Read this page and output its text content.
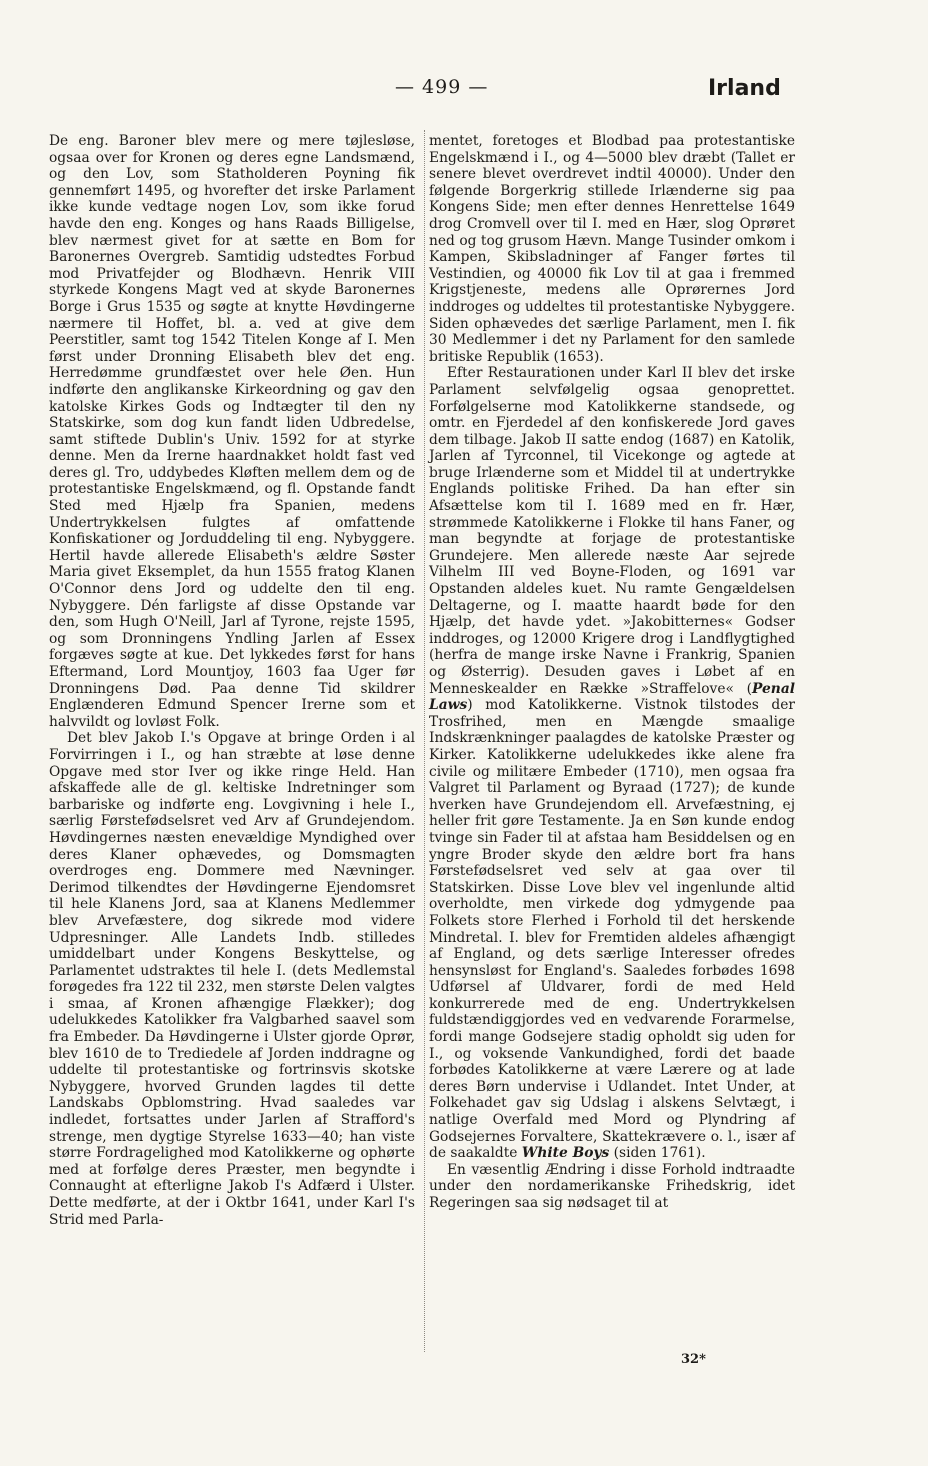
— 499 —	Irland

De eng. Baroner blev mere og mere tøjlesløse, ogsaa over for Kronen og deres egne Landsmænd, og den Lov, som Statholderen Poyning fik gennemført 1495, og hvorefter det irske Parlament ikke kunde vedtage nogen Lov, som ikke forud havde den eng. Konges og hans Raads Billigelse, blev nærmest givet for at sætte en Bom for Baronernes Overgreb. Samtidig udstedtes Forbud mod Privatfejder og Blodhævn. Henrik VIII styrkede Kongens Magt ved at skyde Baronernes Borge i Grus 1535 og søgte at knytte Høvdingerne nærmere til Hoffet, bl. a. ved at give dem Peerstitler, samt tog 1542 Titelen Konge af I. Men først under Dronning Elisabeth blev det eng. Herredømme grundfæstet over hele Øen. Hun indførte den anglikanske Kirkeordning og gav den katolske Kirkes Gods og Indtægter til den ny Statskirke, som dog kun fandt liden Udbredelse, samt stiftede Dublin's Univ. 1592 for at styrke denne. Men da Irerne haardnakket holdt fast ved deres gl. Tro, uddybedes Kløften mellem dem og de protestantiske Engelskmænd, og fl. Opstande fandt Sted med Hjælp fra Spanien, medens Undertrykkelsen fulgtes af omfattende Konfiskationer og Jorduddeling til eng. Nybyggere. Hertil havde allerede Elisabeth's ældre Søster Maria givet Eksemplet, da hun 1555 fratog Klanen O'Connor dens Jord og uddelte den til eng. Nybyggere. Dén farligste af disse Opstande var den, som Hugh O'Neill, Jarl af Tyrone, rejste 1595, og som Dronningens Yndling Jarlen af Essex forgæves søgte at kue. Det lykkedes først for hans Eftermand, Lord Mountjoy, 1603 faa Uger før Dronningens Død. Paa denne Tid skildrer Englænderen Edmund Spencer Irerne som et halvvildt og lovløst Folk.

Det blev Jakob I.'s Opgave at bringe Orden i al Forvirringen i I., og han stræbte at løse denne Opgave med stor Iver og ikke ringe Held. Han afskaffede alle de gl. keltiske Indretninger som barbariske og indførte eng. Lovgivning i hele I., særlig Førstefødselsret ved Arv af Grundejendom. Høvdingernes næsten enevældige Myndighed over deres Klaner ophævedes, og Domsmagten overdroges eng. Dommere med Nævninger. Derimod tilkendtes der Høvdingerne Ejendomsret til hele Klanens Jord, saa at Klanens Medlemmer blev Arvefæstere, dog sikrede mod videre Udpresninger. Alle Landets Indb. stilledes umiddelbart under Kongens Beskyttelse, og Parlamentet udstraktes til hele I. (dets Medlemstal forøgedes fra 122 til 232, men største Delen valgtes i smaa, af Kronen afhængige Flækker); dog udelukkedes Katolikker fra Valgbarhed saavel som fra Embeder. Da Høvdingerne i Ulster gjorde Oprør, blev 1610 de to Trediedele af Jorden inddragne og uddelte til protestantiske og fortrinsvis skotske Nybyggere, hvorved Grunden lagdes til dette Landskabs Opblomstring. Hvad saaledes var indledet, fortsattes under Jarlen af Strafford's strenge, men dygtige Styrelse 1633—40; han viste større Fordragelighed mod Katolikkerne og ophørte med at forfølge deres Præster, men begyndte i Connaught at efterligne Jakob I's Adfærd i Ulster. Dette medførte, at der i Oktbr 1641, under Karl I's Strid med Parla-

mentet, foretoges et Blodbad paa protestantiske Engelskmænd i I., og 4—5000 blev dræbt (Tallet er senere blevet overdrevet indtil 40000). Under den følgende Borgerkrig stillede Irlænderne sig paa Kongens Side; men efter dennes Henrettelse 1649 drog Cromvell over til I. med en Hær, slog Oprøret ned og tog grusom Hævn. Mange Tusinder omkom i Kampen, Skibsladninger af Fanger førtes til Vestindien, og 40000 fik Lov til at gaa i fremmed Krigstjeneste, medens alle Oprørernes Jord inddroges og uddeltes til protestantiske Nybyggere. Siden ophævedes det særlige Parlament, men I. fik 30 Medlemmer i det ny Parlament for den samlede britiske Republik (1653).

Efter Restaurationen under Karl II blev det irske Parlament selvfølgelig ogsaa genoprettet. Forfølgelserne mod Katolikkerne standsede, og omtr. en Fjerdedel af den konfiskerede Jord gaves dem tilbage. Jakob II satte endog (1687) en Katolik, Jarlen af Tyrconnel, til Vicekonge og agtede at bruge Irlænderne som et Middel til at undertrykke Englands politiske Frihed. Da han efter sin Afsættelse kom til I. 1689 med en fr. Hær, strømmede Katolikkerne i Flokke til hans Faner, og man begyndte at forjage de protestantiske Grundejere. Men allerede næste Aar sejrede Vilhelm III ved Boyne-Floden, og 1691 var Opstanden aldeles kuet. Nu ramte Gengældelsen Deltagerne, og I. maatte haardt bøde for den Hjælp, det havde ydet. »Jakobitternes« Godser inddroges, og 12000 Krigere drog i Landflygtighed (herfra de mange irske Navne i Frankrig, Spanien og Østerrig). Desuden gaves i Løbet af en Menneskealder en Række »Straffelove« (Penal Laws) mod Katolikkerne. Vistnok tilstodes der Trosfrihed, men en Mængde smaalige Indskrænkninger paalagdes de katolske Præster og Kirker. Katolikkerne udelukkedes ikke alene fra civile og militære Embeder (1710), men ogsaa fra Valgret til Parlament og Byraad (1727); de kunde hverken have Grundejendom ell. Arvefæstning, ej heller frit gøre Testamente. Ja en Søn kunde endog tvinge sin Fader til at afstaa ham Besiddelsen og en yngre Broder skyde den ældre bort fra hans Førstefødselsret ved selv at gaa over til Statskirken. Disse Love blev vel ingenlunde altid overholdte, men virkede dog ydmygende paa Folkets store Flerhed i Forhold til det herskende Mindretal. I. blev for Fremtiden aldeles afhængigt af England, og dets særlige Interesser ofredes hensynsløst for England's. Saaledes forbødes 1698 Udførsel af Uldvarer, fordi de med Held konkurrerede med de eng. Undertrykkelsen fuldstændiggjordes ved en vedvarende Forarmelse, fordi mange Godsejere stadig opholdt sig uden for I., og voksende Vankundighed, fordi det baade forbødes Katolikkerne at være Lærere og at lade deres Børn undervise i Udlandet. Intet Under, at Folkehadet gav sig Udslag i alskens Selvtægt, i natlige Overfald med Mord og Plyndring af Godsejernes Forvaltere, Skattekrævere o. l., især af de saakaldte White Boys (siden 1761).

En væsentlig Ændring i disse Forhold indtraadte under den nordamerikanske Frihedskrig, idet Regeringen saa sig nødsaget til at

32*
